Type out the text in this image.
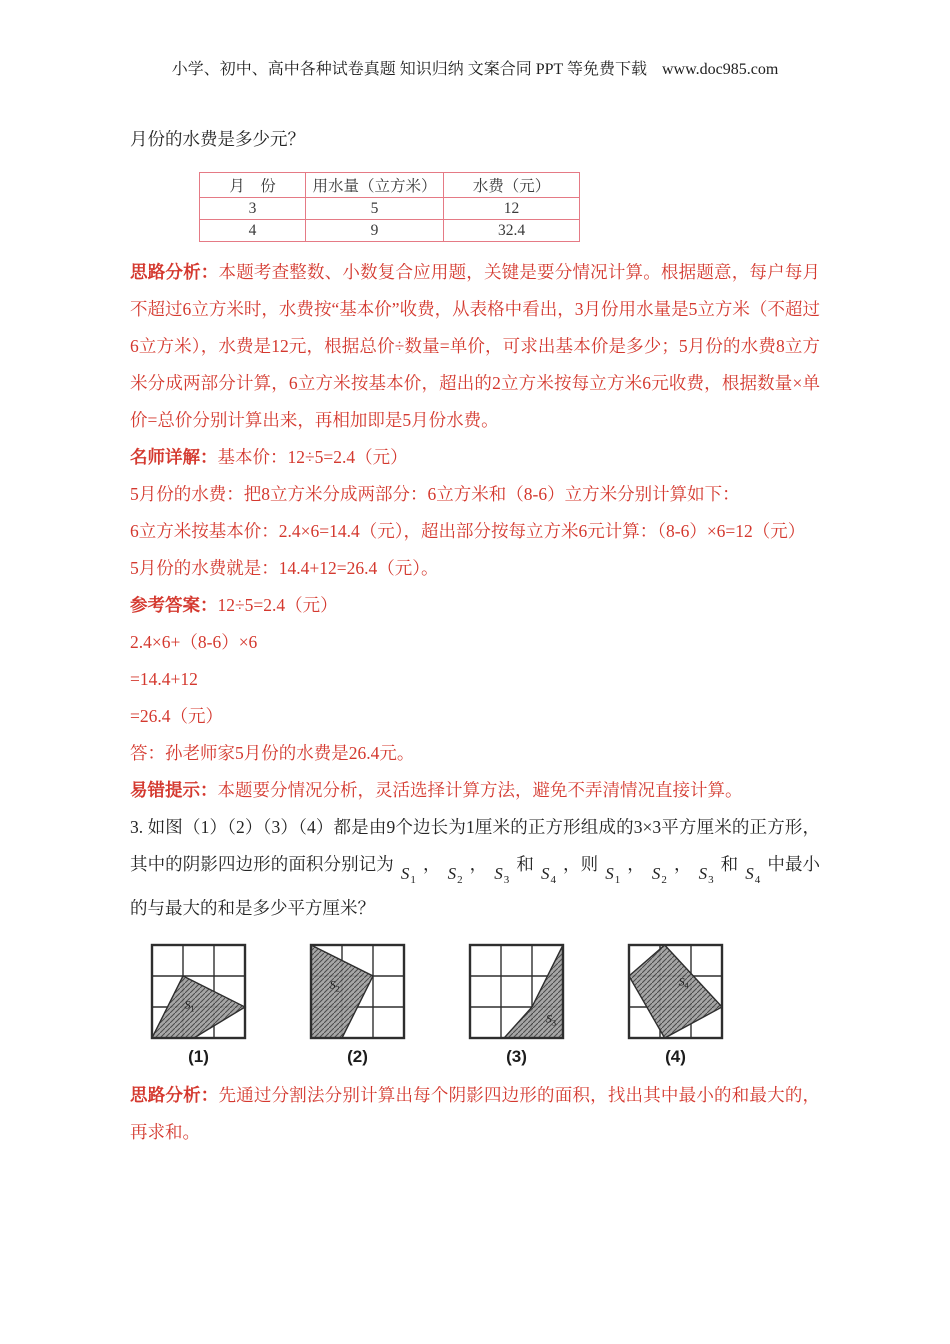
小学、初中、高中各种试卷真题 知识归纳 文案合同 PPT 等免费下载 www.doc985.com
月份的水费是多少元？
月　份	用水量（立方米）	水费（元）
3	5	12
4	9	32.4

思路分析：本题考查整数、小数复合应用题，关键是要分情况计算。根据题意，每户每月不超过6立方米时，水费按“基本价”收费，从表格中看出，3月份用水量是5立方米（不超过6立方米），水费是12元，根据总价÷数量=单价，可求出基本价是多少；5月份的水费8立方米分成两部分计算，6立方米按基本价，超出的2立方米按每立方米6元收费，根据数量×单价=总价分别计算出来，再相加即是5月份水费。

名师详解：基本价：12÷5=2.4（元）

5月份的水费：把8立方米分成两部分：6立方米和（8-6）立方米分别计算如下：

6立方米按基本价：2.4×6=14.4（元），超出部分按每立方米6元计算：（8-6）×6=12（元）

5月份的水费就是：14.4+12=26.4（元）。

参考答案：12÷5=2.4（元）

2.4×6+（8-6）×6

=14.4+12

=26.4（元）

答：孙老师家5月份的水费是26.4元。

易错提示：本题要分情况分析，灵活选择计算方法，避免不弄清情况直接计算。

3. 如图（1）（2）（3）（4）都是由9个边长为1厘米的正方形组成的3×3平方厘米的正方形，其中的阴影四边形的面积分别记为 $S_1$， $S_2$， $S_3$和 $S_4$，则 $S_1$， $S_2$， $S_3$和 $S_4$中最小的与最大的和是多少平方厘米？

$S_1$
(1)
$S_2$
(2)
$S_3$
(3)
$S_4$
(4)

思路分析：先通过分割法分别计算出每个阴影四边形的面积，找出其中最小的和最大的，再求和。
